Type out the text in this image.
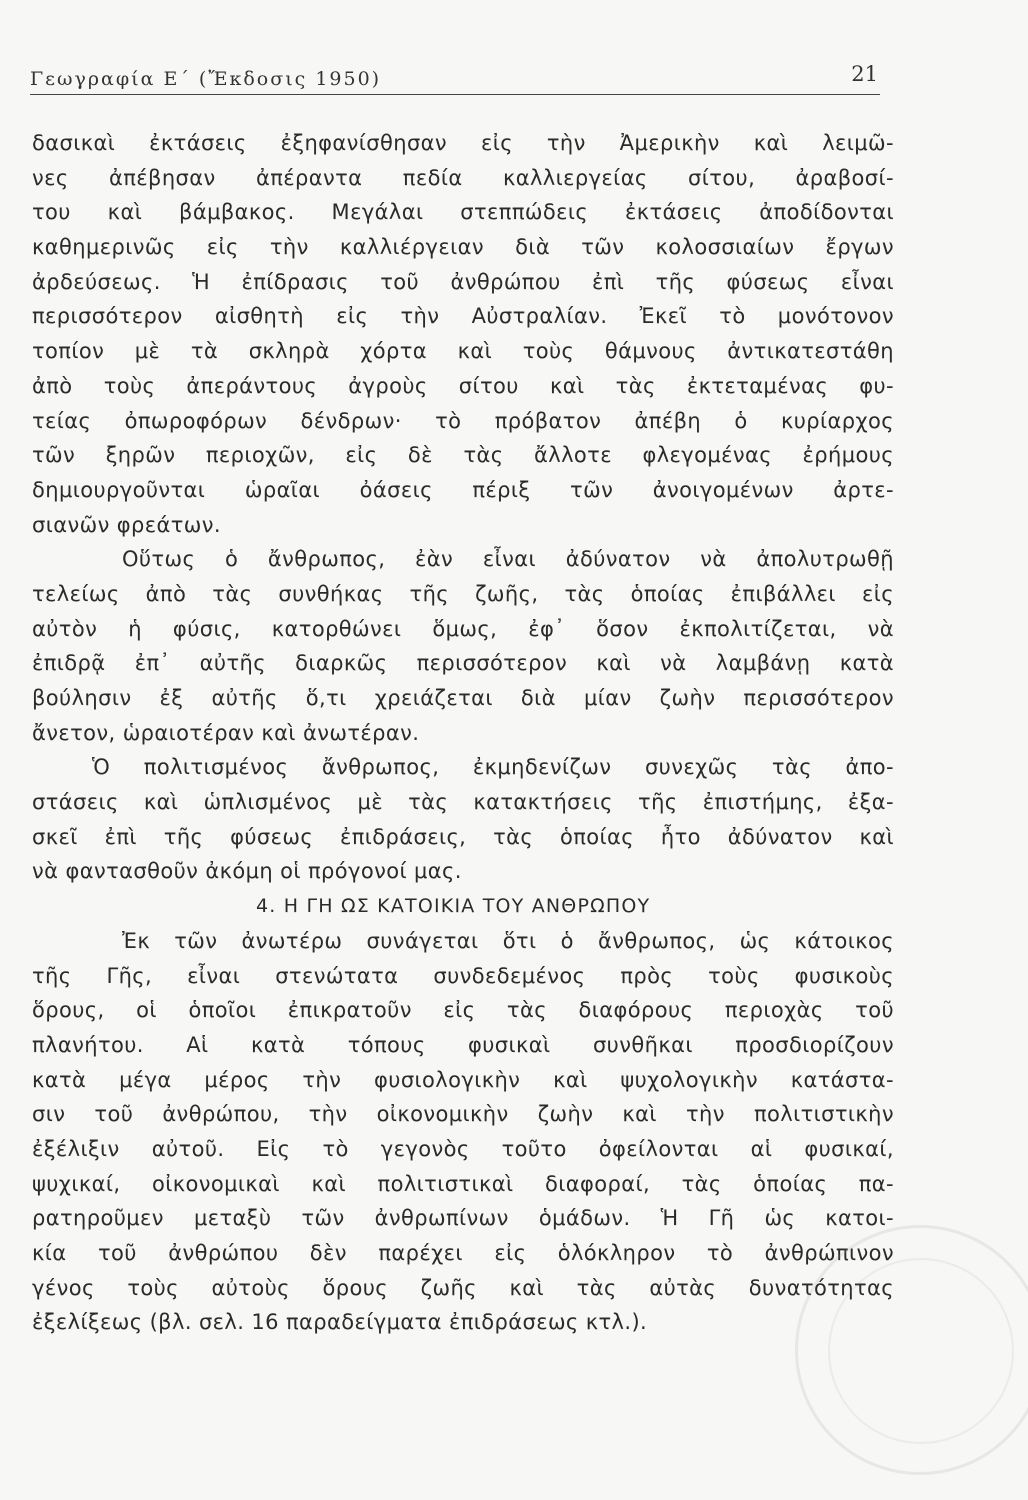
Γεωγραφία Ε΄ (Ἔκδοσις 1950)	21
δασικαὶ ἐκτάσεις ἐξηφανίσθησαν εἰς τὴν Ἀμερικὴν καὶ λειμῶ-
νες ἀπέβησαν ἀπέραντα πεδία καλλιεργείας σίτου, ἀραβοσί-
του καὶ βάμβακος. Μεγάλαι στεππώδεις ἐκτάσεις ἀποδίδονται
καθημερινῶς εἰς τὴν καλλιέργειαν διὰ τῶν κολοσσιαίων ἔργων
ἀρδεύσεως. Ἡ ἐπίδρασις τοῦ ἀνθρώπου ἐπὶ τῆς φύσεως εἶναι
περισσότερον αἰσθητὴ εἰς τὴν Αὐστραλίαν. Ἐκεῖ τὸ μονότονον
τοπίον μὲ τὰ σκληρὰ χόρτα καὶ τοὺς θάμνους ἀντικατεστάθη
ἀπὸ τοὺς ἀπεράντους ἀγροὺς σίτου καὶ τὰς ἐκτεταμένας φυ-
τείας ὀπωροφόρων δένδρων· τὸ πρόβατον ἀπέβη ὁ κυρίαρχος
τῶν ξηρῶν περιοχῶν, εἰς δὲ τὰς ἄλλοτε φλεγομένας ἐρήμους
δημιουργοῦνται ὡραῖαι ὀάσεις πέριξ τῶν ἀνοιγομένων ἀρτε-
σιανῶν φρεάτων.
Οὕτως ὁ ἄνθρωπος, ἐὰν εἶναι ἀδύνατον νὰ ἀπολυτρωθῇ
τελείως ἀπὸ τὰς συνθήκας τῆς ζωῆς, τὰς ὁποίας ἐπιβάλλει εἰς
αὐτὸν ἡ φύσις, κατορθώνει ὅμως, ἐφ᾽ ὅσον ἐκπολιτίζεται, νὰ
ἐπιδρᾷ ἐπ᾽ αὐτῆς διαρκῶς περισσότερον καὶ νὰ λαμβάνῃ κατὰ
βούλησιν ἐξ αὐτῆς ὅ,τι χρειάζεται διὰ μίαν ζωὴν περισσότερον
ἄνετον, ὡραιοτέραν καὶ ἀνωτέραν.
Ὁ πολιτισμένος ἄνθρωπος, ἐκμηδενίζων συνεχῶς τὰς ἀπο-
στάσεις καὶ ὡπλισμένος μὲ τὰς κατακτήσεις τῆς ἐπιστήμης, ἐξα-
σκεῖ ἐπὶ τῆς φύσεως ἐπιδράσεις, τὰς ὁποίας ἦτο ἀδύνατον καὶ
νὰ φαντασθοῦν ἀκόμη οἱ πρόγονοί μας.
4. Η ΓΗ ΩΣ ΚΑΤΟΙΚΙΑ ΤΟΥ ΑΝΘΡΩΠΟΥ
Ἐκ τῶν ἀνωτέρω συνάγεται ὅτι ὁ ἄνθρωπος, ὡς κάτοικος
τῆς Γῆς, εἶναι στενώτατα συνδεδεμένος πρὸς τοὺς φυσικοὺς
ὅρους, οἱ ὁποῖοι ἐπικρατοῦν εἰς τὰς διαφόρους περιοχὰς τοῦ
πλανήτου. Αἱ κατὰ τόπους φυσικαὶ συνθῆκαι προσδιορίζουν
κατὰ μέγα μέρος τὴν φυσιολογικὴν καὶ ψυχολογικὴν κατάστα-
σιν τοῦ ἀνθρώπου, τὴν οἰκονομικὴν ζωὴν καὶ τὴν πολιτιστικὴν
ἐξέλιξιν αὐτοῦ. Εἰς τὸ γεγονὸς τοῦτο ὀφείλονται αἱ φυσικαί,
ψυχικαί, οἰκονομικαὶ καὶ πολιτιστικαὶ διαφοραί, τὰς ὁποίας πα-
ρατηροῦμεν μεταξὺ τῶν ἀνθρωπίνων ὁμάδων. Ἡ Γῆ ὡς κατοι-
κία τοῦ ἀνθρώπου δὲν παρέχει εἰς ὁλόκληρον τὸ ἀνθρώπινον
γένος τοὺς αὐτοὺς ὅρους ζωῆς καὶ τὰς αὐτὰς δυνατότητας
ἐξελίξεως (βλ. σελ. 16 παραδείγματα ἐπιδράσεως κτλ.).
